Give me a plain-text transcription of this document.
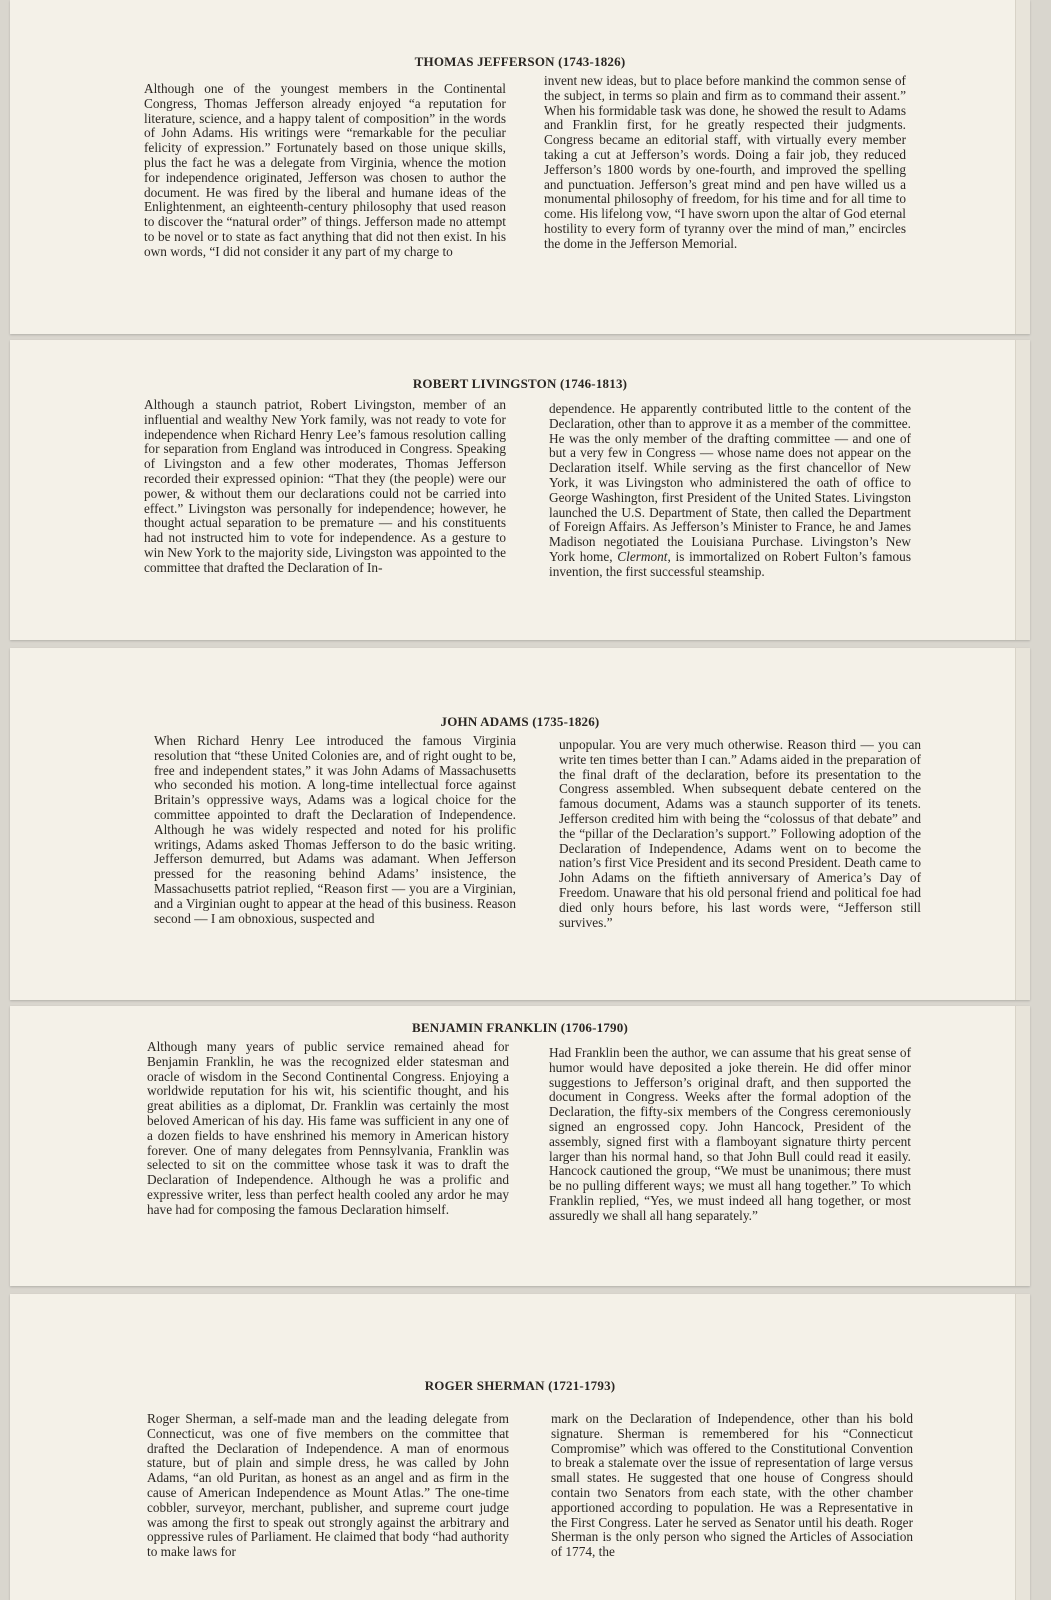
THOMAS JEFFERSON (1743-1826)

Although one of the youngest members in the Continental Congress, Thomas Jefferson already enjoyed “a reputation for literature, science, and a happy talent of composition” in the words of John Adams. His writings were “remarkable for the peculiar felicity of expression.” Fortunately based on those unique skills, plus the fact he was a delegate from Virginia, whence the motion for independence originated, Jefferson was chosen to author the document. He was fired by the liberal and humane ideas of the Enlightenment, an eighteenth-century philosophy that used reason to discover the “natural order” of things. Jefferson made no attempt to be novel or to state as fact anything that did not then exist. In his own words, “I did not consider it any part of my charge to

invent new ideas, but to place before mankind the common sense of the subject, in terms so plain and firm as to command their assent.” When his formidable task was done, he showed the result to Adams and Franklin first, for he greatly respected their judgments. Congress became an editorial staff, with virtually every member taking a cut at Jefferson’s words. Doing a fair job, they reduced Jefferson’s 1800 words by one-fourth, and improved the spelling and punctuation. Jefferson’s great mind and pen have willed us a monumental philosophy of freedom, for his time and for all time to come. His lifelong vow, “I have sworn upon the altar of God eternal hostility to every form of tyranny over the mind of man,” encircles the dome in the Jefferson Memorial.

ROBERT LIVINGSTON (1746-1813)

Although a staunch patriot, Robert Livingston, member of an influential and wealthy New York family, was not ready to vote for independence when Richard Henry Lee’s famous resolution calling for separation from England was introduced in Congress. Speaking of Livingston and a few other moderates, Thomas Jefferson recorded their expressed opinion: “That they (the people) were our power, & without them our declarations could not be carried into effect.” Livingston was personally for independence; however, he thought actual separation to be premature — and his constituents had not instructed him to vote for independence. As a gesture to win New York to the majority side, Livingston was appointed to the committee that drafted the Declaration of In-

dependence. He apparently contributed little to the content of the Declaration, other than to approve it as a member of the committee. He was the only member of the drafting committee — and one of but a very few in Congress — whose name does not appear on the Declaration itself. While serving as the first chancellor of New York, it was Livingston who administered the oath of office to George Washington, first President of the United States. Livingston launched the U.S. Department of State, then called the Department of Foreign Affairs. As Jefferson’s Minister to France, he and James Madison negotiated the Louisiana Purchase. Livingston’s New York home, Clermont, is immortalized on Robert Fulton’s famous invention, the first successful steamship.

JOHN ADAMS (1735-1826)

When Richard Henry Lee introduced the famous Virginia resolution that “these United Colonies are, and of right ought to be, free and independent states,” it was John Adams of Massachusetts who seconded his motion. A long-time intellectual force against Britain’s oppressive ways, Adams was a logical choice for the committee appointed to draft the Declaration of Independence. Although he was widely respected and noted for his prolific writings, Adams asked Thomas Jefferson to do the basic writing. Jefferson demurred, but Adams was adamant. When Jefferson pressed for the reasoning behind Adams’ insistence, the Massachusetts patriot replied, “Reason first — you are a Virginian, and a Virginian ought to appear at the head of this business. Reason second — I am obnoxious, suspected and

unpopular. You are very much otherwise. Reason third — you can write ten times better than I can.” Adams aided in the preparation of the final draft of the declaration, before its presentation to the Congress assembled. When subsequent debate centered on the famous document, Adams was a staunch supporter of its tenets. Jefferson credited him with being the “colossus of that debate” and the “pillar of the Declaration’s support.” Following adoption of the Declaration of Independence, Adams went on to become the nation’s first Vice President and its second President. Death came to John Adams on the fiftieth anniversary of America’s Day of Freedom. Unaware that his old personal friend and political foe had died only hours before, his last words were, “Jefferson still survives.”

BENJAMIN FRANKLIN (1706-1790)

Although many years of public service remained ahead for Benjamin Franklin, he was the recognized elder statesman and oracle of wisdom in the Second Continental Congress. Enjoying a worldwide reputation for his wit, his scientific thought, and his great abilities as a diplomat, Dr. Franklin was certainly the most beloved American of his day. His fame was sufficient in any one of a dozen fields to have enshrined his memory in American history forever. One of many delegates from Pennsylvania, Franklin was selected to sit on the committee whose task it was to draft the Declaration of Independence. Although he was a prolific and expressive writer, less than perfect health cooled any ardor he may have had for composing the famous Declaration himself.

Had Franklin been the author, we can assume that his great sense of humor would have deposited a joke therein. He did offer minor suggestions to Jefferson’s original draft, and then supported the document in Congress. Weeks after the formal adoption of the Declaration, the fifty-six members of the Congress ceremoniously signed an engrossed copy. John Hancock, President of the assembly, signed first with a flamboyant signature thirty percent larger than his normal hand, so that John Bull could read it easily. Hancock cautioned the group, “We must be unanimous; there must be no pulling different ways; we must all hang together.” To which Franklin replied, “Yes, we must indeed all hang together, or most assuredly we shall all hang separately.”

ROGER SHERMAN (1721-1793)

Roger Sherman, a self-made man and the leading delegate from Connecticut, was one of five members on the committee that drafted the Declaration of Independence. A man of enormous stature, but of plain and simple dress, he was called by John Adams, “an old Puritan, as honest as an angel and as firm in the cause of American Independence as Mount Atlas.” The one-time cobbler, surveyor, merchant, publisher, and supreme court judge was among the first to speak out strongly against the arbitrary and oppressive rules of Parliament. He claimed that body “had authority to make laws for

mark on the Declaration of Independence, other than his bold signature. Sherman is remembered for his “Connecticut Compromise” which was offered to the Constitutional Convention to break a stalemate over the issue of representation of large versus small states. He suggested that one house of Congress should contain two Senators from each state, with the other chamber apportioned according to population. He was a Representative in the First Congress. Later he served as Senator until his death. Roger Sherman is the only person who signed the Articles of Association of 1774, the
